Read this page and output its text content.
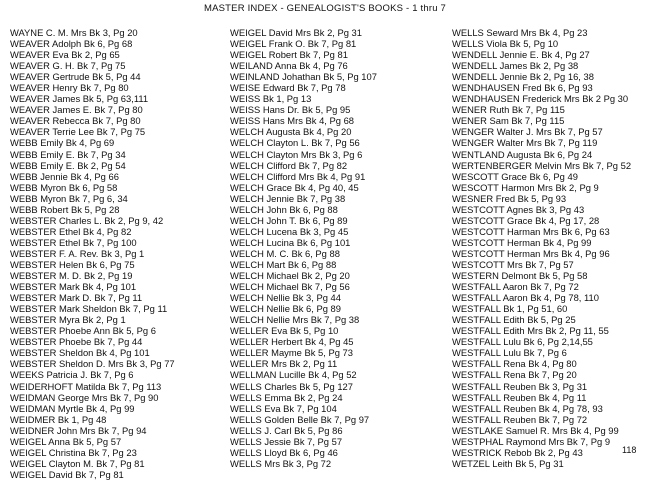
MASTER INDEX - GENEALOGIST'S BOOKS - 1 thru 7
WAYNE C. M. Mrs Bk 3, Pg 20
WEAVER Adolph Bk 6, Pg 68
WEAVER Eva Bk 2, Pg 65
WEAVER G. H. Bk 7, Pg 75
WEAVER Gertrude Bk 5, Pg 44
WEAVER Henry Bk 7, Pg 80
WEAVER James Bk 5, Pg 63,111
WEAVER James E. Bk 7, Pg 80
WEAVER Rebecca Bk 7, Pg 80
WEAVER Terrie Lee Bk 7, Pg 75
WEBB Emily Bk 4, Pg 69
WEBB Emily E. Bk 7, Pg 34
WEBB Emily E. Bk 2, Pg 54
WEBB Jennie Bk 4, Pg 66
WEBB Myron Bk 6, Pg 58
WEBB Myron Bk 7, Pg 6, 34
WEBB Robert Bk 5, Pg 28
WEBSTER Charles L. Bk 2, Pg 9, 42
WEBSTER Ethel Bk 4, Pg 82
WEBSTER Ethel Bk 7, Pg 100
WEBSTER F. A. Rev. Bk 3, Pg 1
WEBSTER Helen Bk 6, Pg 75
WEBSTER M. D. Bk 2, Pg 19
WEBSTER Mark Bk 4, Pg 101
WEBSTER Mark D. Bk 7, Pg 11
WEBSTER Mark Sheldon Bk 7, Pg 11
WEBSTER Myra Bk 2, Pg 1
WEBSTER Phoebe Ann Bk 5, Pg 6
WEBSTER Phoebe Bk 7, Pg 44
WEBSTER Sheldon Bk 4, Pg 101
WEBSTER Sheldon D. Mrs Bk 3, Pg 77
WEEKS Patricia J. Bk 7, Pg 6
WEIDERHOFT Matilda Bk 7, Pg 113
WEIDMAN George Mrs Bk 7, Pg 90
WEIDMAN Myrtle Bk 4, Pg 99
WEIDMER Bk 1, Pg 48
WEIDNER John Mrs Bk 7, Pg 94
WEIGEL Anna Bk 5, Pg 57
WEIGEL Christina Bk 7, Pg 23
WEIGEL Clayton M. Bk 7, Pg 81
WEIGEL David Bk 7, Pg 81
WEIGEL David Mrs Bk 2, Pg 31
WEIGEL Frank O. Bk 7, Pg 81
WEIGEL Robert Bk 7, Pg 81
WEILAND Anna Bk 4, Pg 76
WEINLAND Johathan Bk 5, Pg 107
WEISE Edward Bk 7, Pg 78
WEISS Bk 1, Pg 13
WEISS Hans Dr. Bk 5, Pg 95
WEISS Hans Mrs Bk 4, Pg 68
WELCH Augusta Bk 4, Pg 20
WELCH Clayton L. Bk 7, Pg 56
WELCH Clayton Mrs Bk 3, Pg 6
WELCH Clifford Bk 7, Pg 82
WELCH Clifford Mrs Bk 4, Pg 91
WELCH Grace Bk 4, Pg 40, 45
WELCH Jennie Bk 7, Pg 38
WELCH John Bk 6, Pg 88
WELCH John T. Bk 6, Pg 89
WELCH Lucena Bk 3, Pg 45
WELCH Lucina Bk 6, Pg 101
WELCH M. C. Bk 6, Pg 88
WELCH Mart Bk 6, Pg 88
WELCH Michael Bk 2, Pg 20
WELCH Michael Bk 7, Pg 56
WELCH Nellie Bk 3, Pg 44
WELCH Nellie Bk 6, Pg 89
WELCH Nellie Mrs Bk 7, Pg 38
WELLER Eva Bk 5, Pg 10
WELLER Herbert Bk 4, Pg 45
WELLER Mayme Bk 5, Pg 73
WELLER Mrs Bk 2, Pg 11
WELLMAN Lucille Bk 4, Pg 52
WELLS Charles Bk 5, Pg 127
WELLS Emma Bk 2, Pg 24
WELLS Eva Bk 7, Pg 104
WELLS Golden Belle Bk 7, Pg 97
WELLS J. Carl Bk 5, Pg 86
WELLS Jessie Bk 7, Pg 57
WELLS Lloyd Bk 6, Pg 46
WELLS Mrs Bk 3, Pg 72
WELLS Seward Mrs Bk 4, Pg 23
WELLS Viola Bk 5, Pg 10
WENDELL Jennie E. Bk 4, Pg 27
WENDELL James Bk 2, Pg 38
WENDELL Jennie Bk 2, Pg 16, 38
WENDHAUSEN Fred Bk 6, Pg 93
WENDHAUSEN Frederick Mrs Bk 2 Pg 30
WENER Ruth Bk 7, Pg 115
WENER Sam Bk 7, Pg 115
WENGER Walter J. Mrs Bk 7, Pg 57
WENGER Walter Mrs Bk 7, Pg 119
WENTLAND Augusta Bk 6, Pg 24
WERTENBERGER Melvin Mrs Bk 7, Pg 52
WESCOTT Grace Bk 6, Pg 49
WESCOTT Harmon Mrs Bk 2, Pg 9
WESNER Fred Bk 5, Pg 93
WESTCOTT Agnes Bk 3, Pg 43
WESTCOTT Grace Bk 4, Pg 17, 28
WESTCOTT Harman Mrs Bk 6, Pg 63
WESTCOTT Herman Bk 4, Pg 99
WESTCOTT Herman Mrs Bk 4, Pg 96
WESTCOTT Mrs Bk 7, Pg 57
WESTERN Delmont Bk 5, Pg 58
WESTFALL Aaron Bk 7, Pg 72
WESTFALL Aaron Bk 4, Pg 78, 110
WESTFALL Bk 1, Pg 51, 60
WESTFALL Edith Bk 5, Pg 25
WESTFALL Edith Mrs Bk 2, Pg 11, 55
WESTFALL Lulu Bk 6, Pg 2,14,55
WESTFALL Lulu Bk 7, Pg 6
WESTFALL Rena Bk 4, Pg 80
WESTFALL Rena Bk 7, Pg 20
WESTFALL Reuben Bk 3, Pg 31
WESTFALL Reuben Bk 4, Pg 11
WESTFALL Reuben Bk 4, Pg 78, 93
WESTFALL Reuben Bk 7, Pg 72
WESTLAKE Samuel R. Mrs Bk 4, Pg 99
WESTPHAL Raymond Mrs Bk 7, Pg 9
WESTRICK Rebob Bk 2, Pg 43
WETZEL Leith Bk 5, Pg 31
118
